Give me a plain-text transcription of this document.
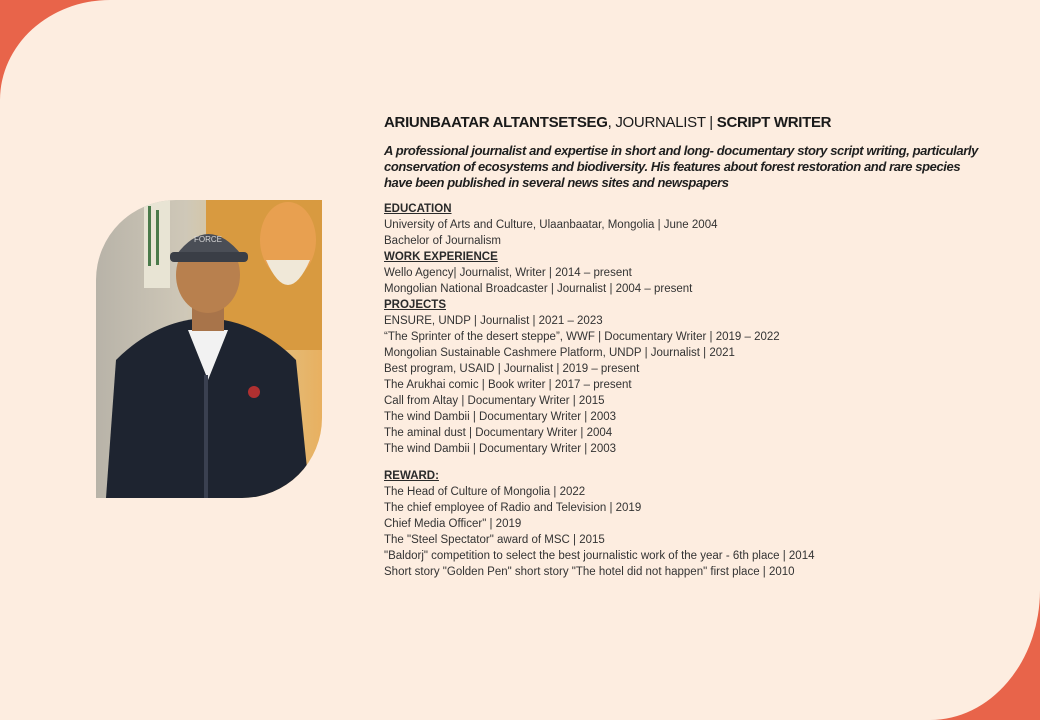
FORCE
ARIUNBAATAR ALTANTSETSEG, JOURNALIST | SCRIPT WRITER
A professional journalist and expertise in short and long- documentary story script writing, particularly conservation of ecosystems and biodiversity. His features about forest restoration and rare species have been published in several news sites and newspapers
EDUCATION
University of Arts and Culture, Ulaanbaatar, Mongolia | June 2004
Bachelor of Journalism
WORK EXPERIENCE
Wello Agency| Journalist, Writer | 2014 – present
Mongolian National Broadcaster | Journalist | 2004 – present
PROJECTS
ENSURE, UNDP | Journalist | 2021 – 2023
“The Sprinter of the desert steppe”, WWF | Documentary Writer | 2019 – 2022
Mongolian Sustainable Cashmere Platform, UNDP | Journalist | 2021
Best program, USAID | Journalist | 2019 – present
The Arukhai comic | Book writer | 2017 – present
Call from Altay | Documentary Writer | 2015
The wind Dambii | Documentary Writer | 2003
The aminal dust | Documentary Writer | 2004
The wind Dambii | Documentary Writer | 2003
REWARD:
The Head of Culture of Mongolia | 2022
The chief employee of Radio and Television | 2019
Chief Media Officer" | 2019
The "Steel Spectator" award of MSC | 2015
"Baldorj" competition to select the best journalistic work of the year - 6th place | 2014
Short story "Golden Pen" short story "The hotel did not happen" first place | 2010
